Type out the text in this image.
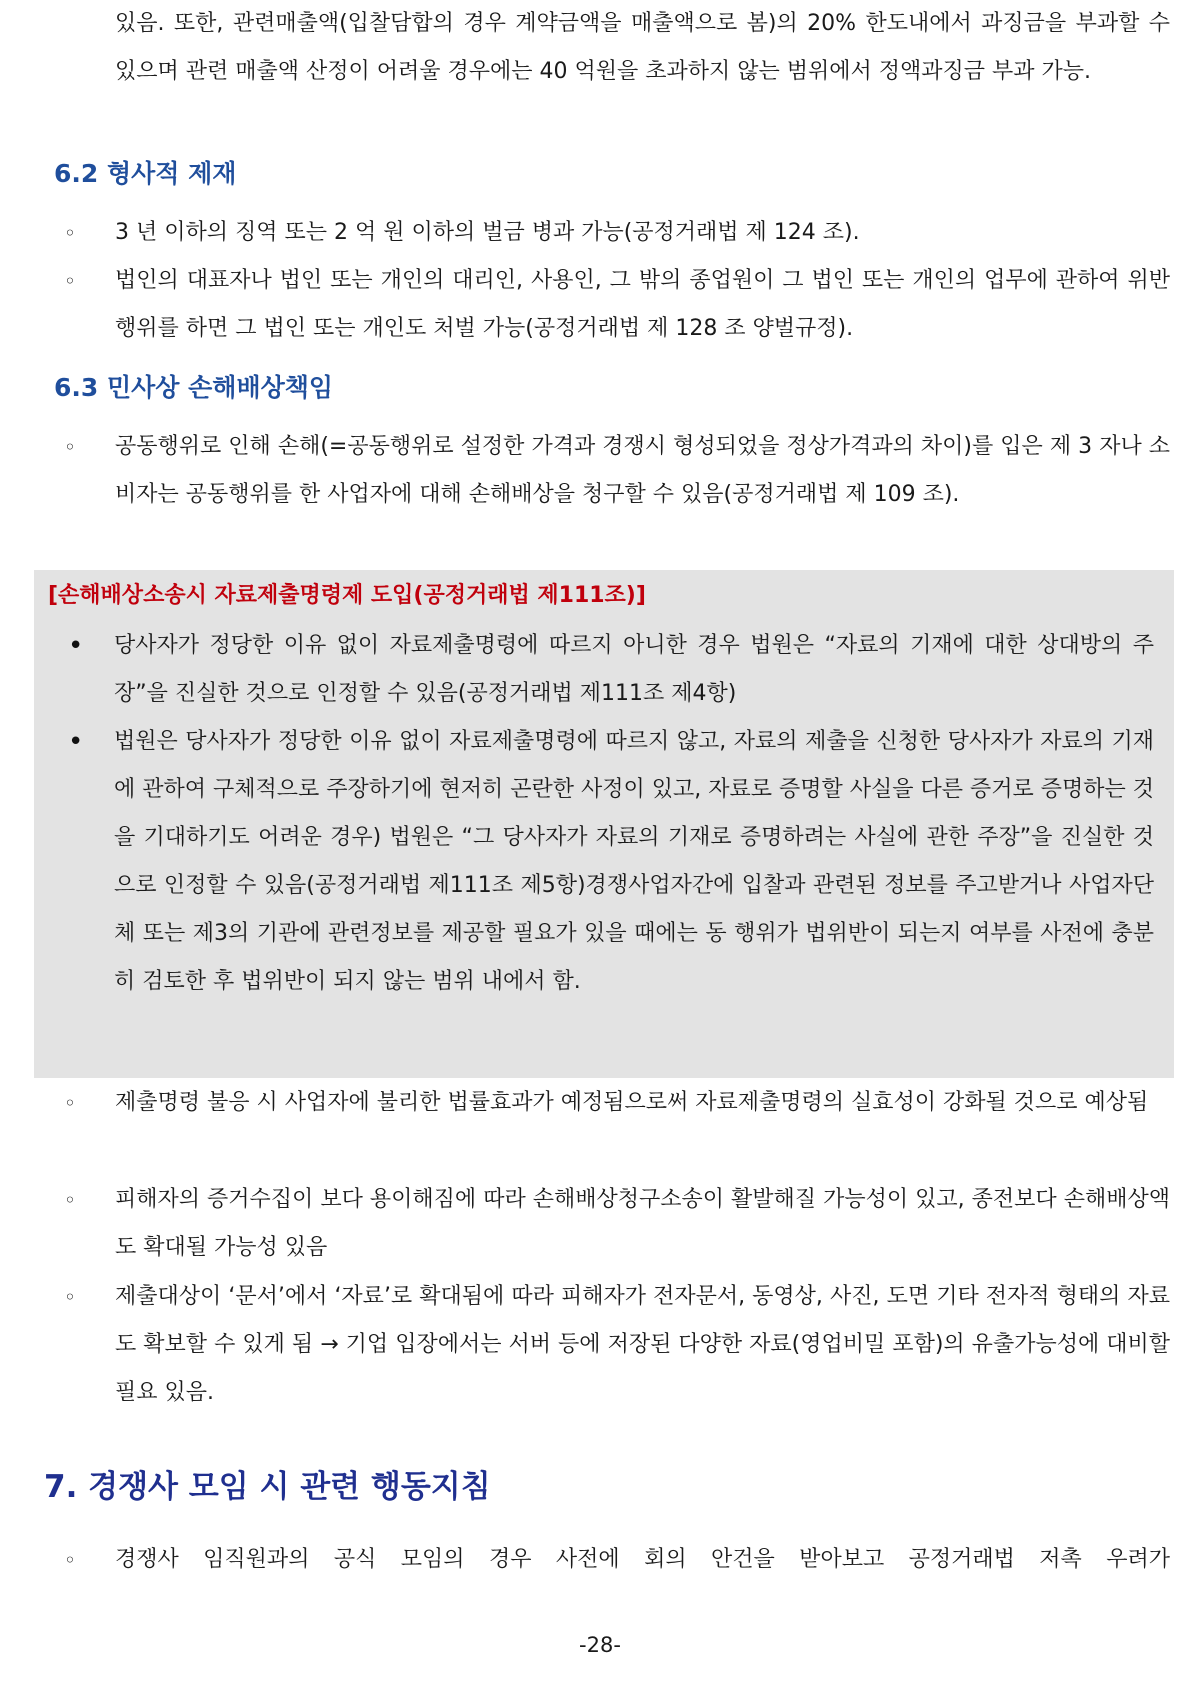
있음. 또한, 관련매출액(입찰담합의 경우 계약금액을 매출액으로 봄)의 20% 한도내에서 과징금을 부과할 수 있으며 관련 매출액 산정이 어려울 경우에는 40 억원을 초과하지 않는 범위에서 정액과징금 부과 가능.
6.2 형사적 제재
◦ 3 년 이하의 징역 또는 2 억 원 이하의 벌금 병과 가능(공정거래법 제 124 조).
◦ 법인의 대표자나 법인 또는 개인의 대리인, 사용인, 그 밖의 종업원이 그 법인 또는 개인의 업무에 관하여 위반행위를 하면 그 법인 또는 개인도 처벌 가능(공정거래법 제 128 조 양벌규정).
6.3 민사상 손해배상책임
◦ 공동행위로 인해 손해(=공동행위로 설정한 가격과 경쟁시 형성되었을 정상가격과의 차이)를 입은 제 3 자나 소비자는 공동행위를 한 사업자에 대해 손해배상을 청구할 수 있음(공정거래법 제 109 조).
[손해배상소송시 자료제출명령제 도입(공정거래법 제111조)]
• 당사자가 정당한 이유 없이 자료제출명령에 따르지 아니한 경우 법원은 “자료의 기재에 대한 상대방의 주장”을 진실한 것으로 인정할 수 있음(공정거래법 제111조 제4항)
• 법원은 당사자가 정당한 이유 없이 자료제출명령에 따르지 않고, 자료의 제출을 신청한 당사자가 자료의 기재에 관하여 구체적으로 주장하기에 현저히 곤란한 사정이 있고, 자료로 증명할 사실을 다른 증거로 증명하는 것을 기대하기도 어려운 경우) 법원은 “그 당사자가 자료의 기재로 증명하려는 사실에 관한 주장”을 진실한 것으로 인정할 수 있음(공정거래법 제111조 제5항)경쟁사업자간에 입찰과 관련된 정보를 주고받거나 사업자단체 또는 제3의 기관에 관련정보를 제공할 필요가 있을 때에는 동 행위가 법위반이 되는지 여부를 사전에 충분히 검토한 후 법위반이 되지 않는 범위 내에서 함.
◦ 제출명령 불응 시 사업자에 불리한 법률효과가 예정됨으로써 자료제출명령의 실효성이 강화될 것으로 예상됨
◦ 피해자의 증거수집이 보다 용이해짐에 따라 손해배상청구소송이 활발해질 가능성이 있고, 종전보다 손해배상액도 확대될 가능성 있음
◦ 제출대상이 ‘문서’에서 ‘자료’로 확대됨에 따라 피해자가 전자문서, 동영상, 사진, 도면 기타 전자적 형태의 자료도 확보할 수 있게 됨 → 기업 입장에서는 서버 등에 저장된 다양한 자료(영업비밀 포함)의 유출가능성에 대비할 필요 있음.
7. 경쟁사 모임 시 관련 행동지침
◦ 경쟁사 임직원과의 공식 모임의 경우 사전에 회의 안건을 받아보고 공정거래법 저촉 우려가
-28-
